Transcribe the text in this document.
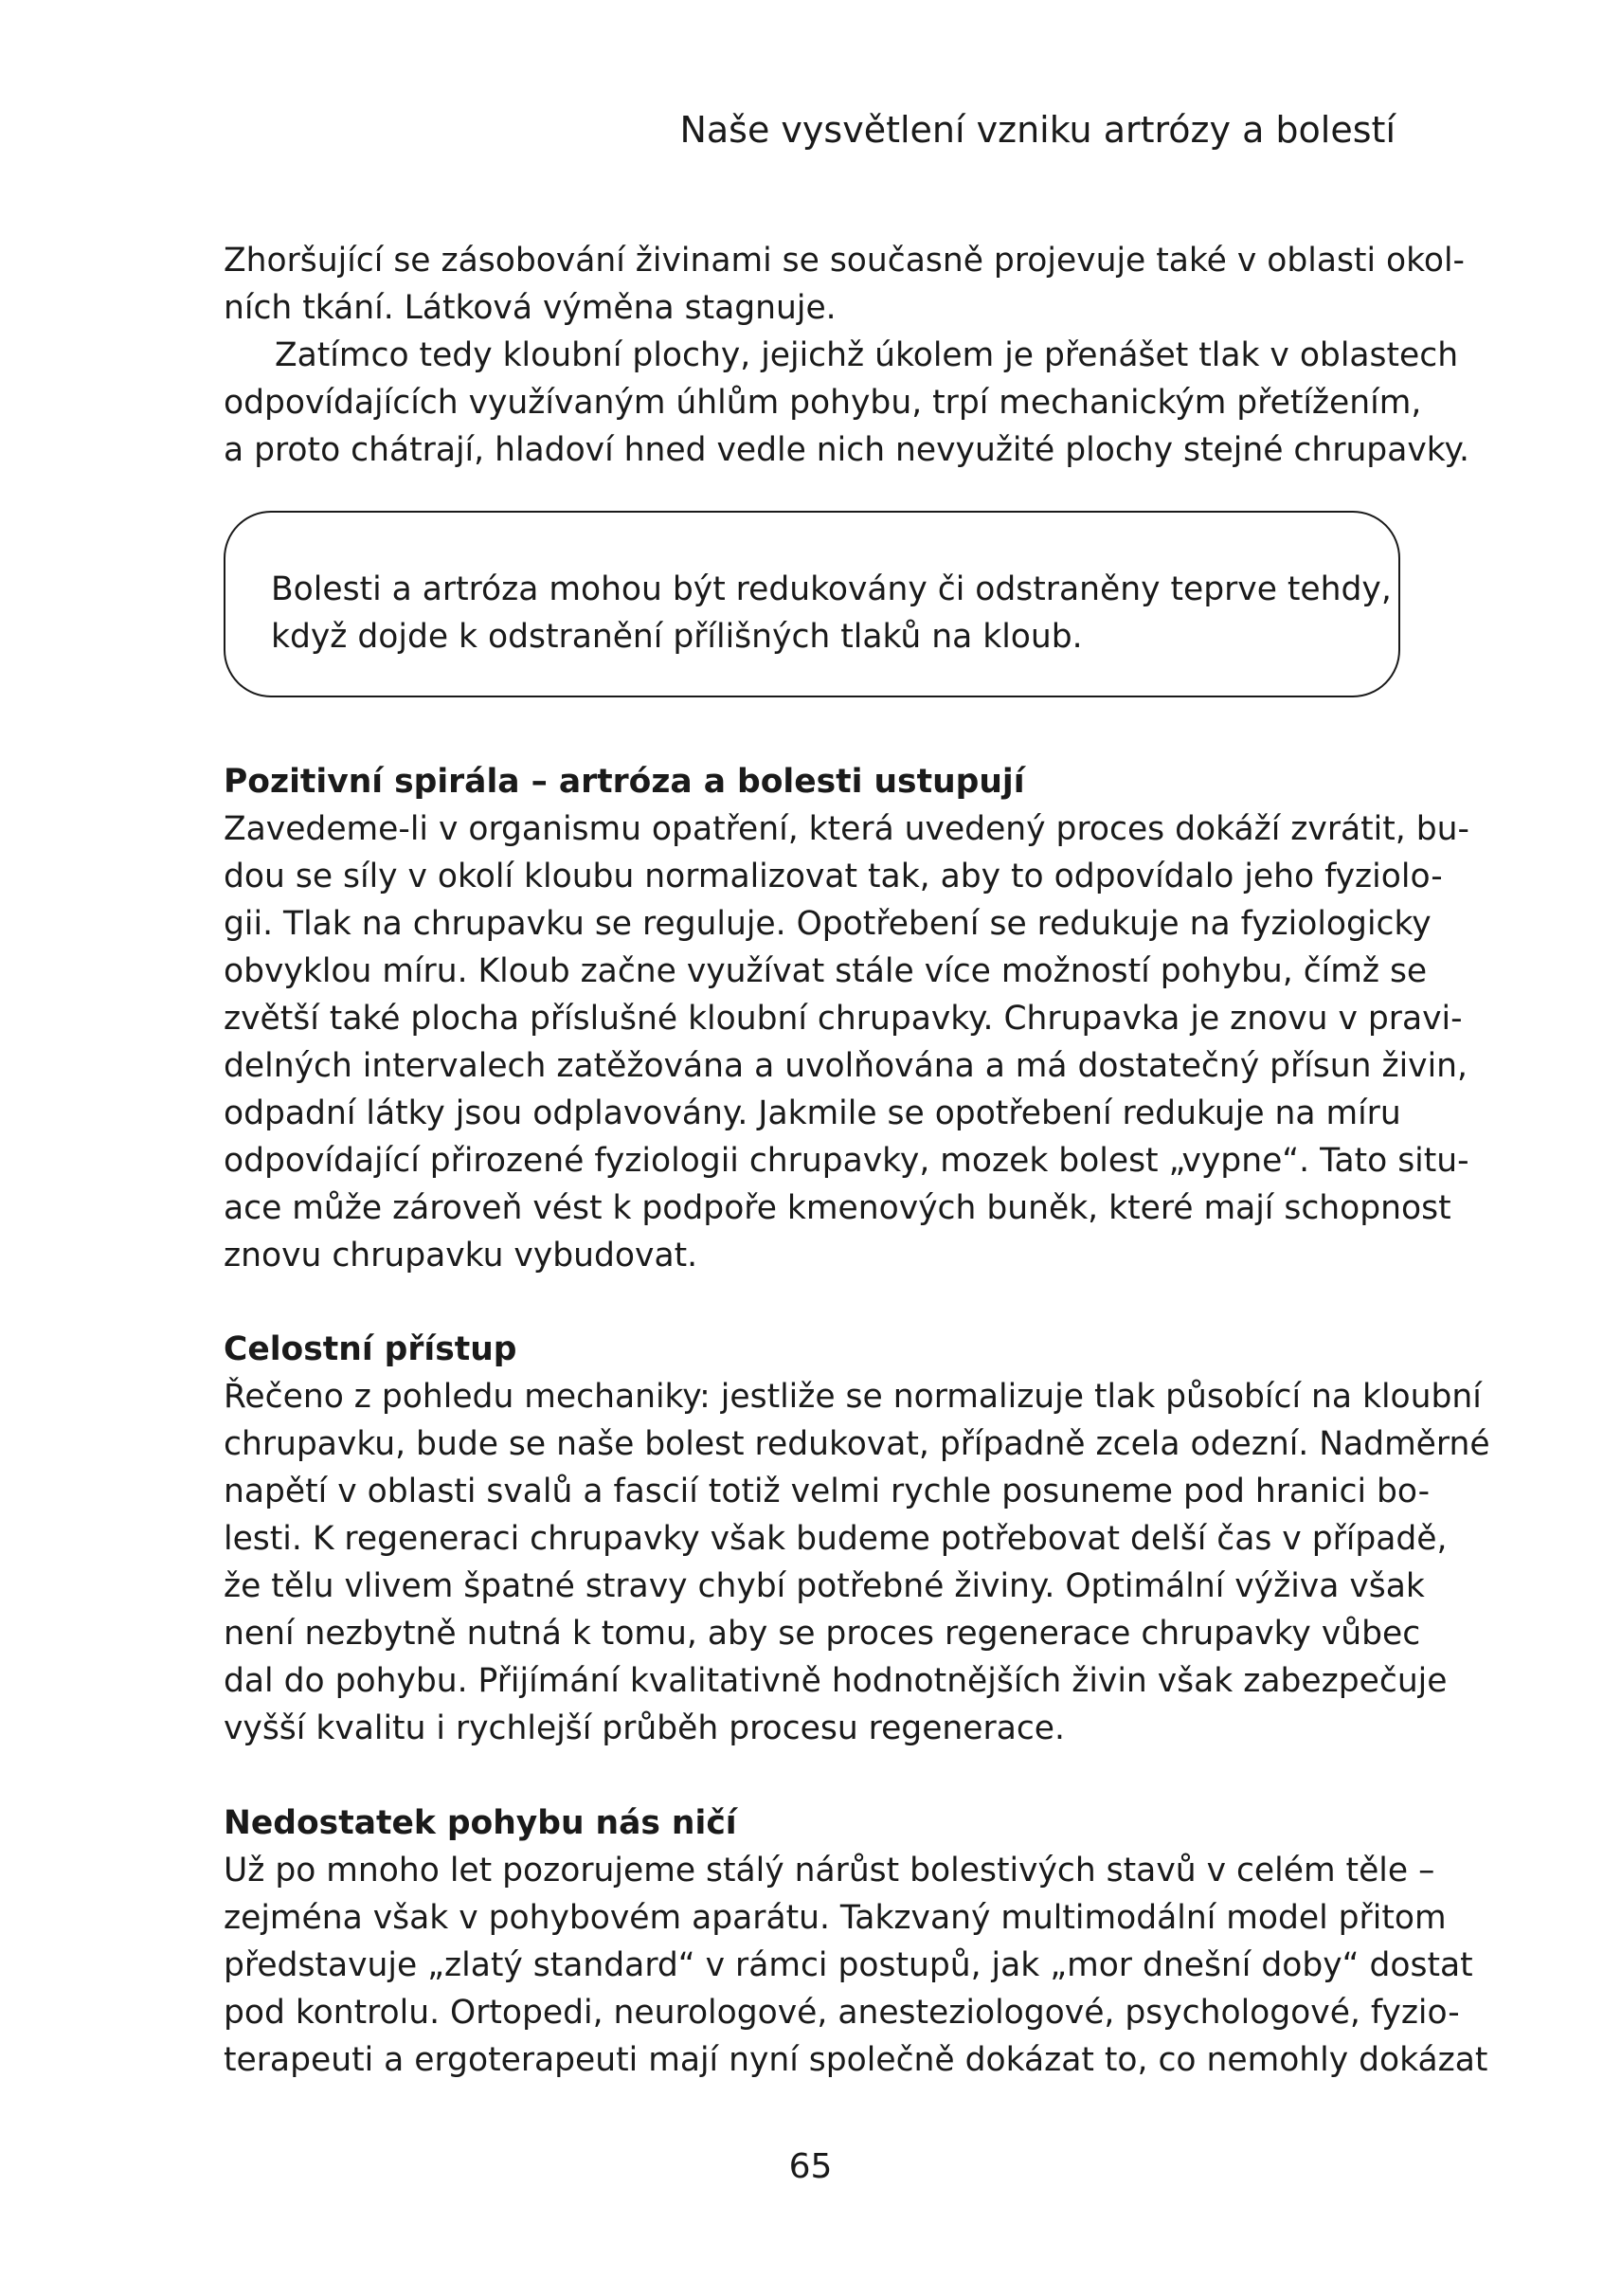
Naše vysvětlení vzniku artrózy a bolestí
Zhoršující se zásobování živinami se současně projevuje také v oblasti okol-
ních tkání. Látková výměna stagnuje.
Zatímco tedy kloubní plochy, jejichž úkolem je přenášet tlak v oblastech
odpovídajících využívaným úhlům pohybu, trpí mechanickým přetížením,
a proto chátrají, hladoví hned vedle nich nevyužité plochy stejné chrupavky.
Bolesti a artróza mohou být redukovány či odstraněny teprve tehdy,
když dojde k odstranění přílišných tlaků na kloub.
Pozitivní spirála – artróza a bolesti ustupují
Zavedeme-li v organismu opatření, která uvedený proces dokáží zvrátit, bu-
dou se síly v okolí kloubu normalizovat tak, aby to odpovídalo jeho fyziolo-
gii. Tlak na chrupavku se reguluje. Opotřebení se redukuje na fyziologicky
obvyklou míru. Kloub začne využívat stále více možností pohybu, čímž se
zvětší také plocha příslušné kloubní chrupavky. Chrupavka je znovu v pravi-
delných intervalech zatěžována a uvolňována a má dostatečný přísun živin,
odpadní látky jsou odplavovány. Jakmile se opotřebení redukuje na míru
odpovídající přirozené fyziologii chrupavky, mozek bolest „vypne“. Tato situ-
ace může zároveň vést k podpoře kmenových buněk, které mají schopnost
znovu chrupavku vybudovat.
Celostní přístup
Řečeno z pohledu mechaniky: jestliže se normalizuje tlak působící na kloubní
chrupavku, bude se naše bolest redukovat, případně zcela odezní. Nadměrné
napětí v oblasti svalů a fascií totiž velmi rychle posuneme pod hranici bo-
lesti. K regeneraci chrupavky však budeme potřebovat delší čas v případě,
že tělu vlivem špatné stravy chybí potřebné živiny. Optimální výživa však
není nezbytně nutná k tomu, aby se proces regenerace chrupavky vůbec
dal do pohybu. Přijímání kvalitativně hodnotnějších živin však zabezpečuje
vyšší kvalitu i rychlejší průběh procesu regenerace.
Nedostatek pohybu nás ničí
Už po mnoho let pozorujeme stálý nárůst bolestivých stavů v celém těle –
zejména však v pohybovém aparátu. Takzvaný multimodální model přitom
představuje „zlatý standard“ v rámci postupů, jak „mor dnešní doby“ dostat
pod kontrolu. Ortopedi, neurologové, anesteziologové, psychologové, fyzio-
terapeuti a ergoterapeuti mají nyní společně dokázat to, co nemohly dokázat
65
